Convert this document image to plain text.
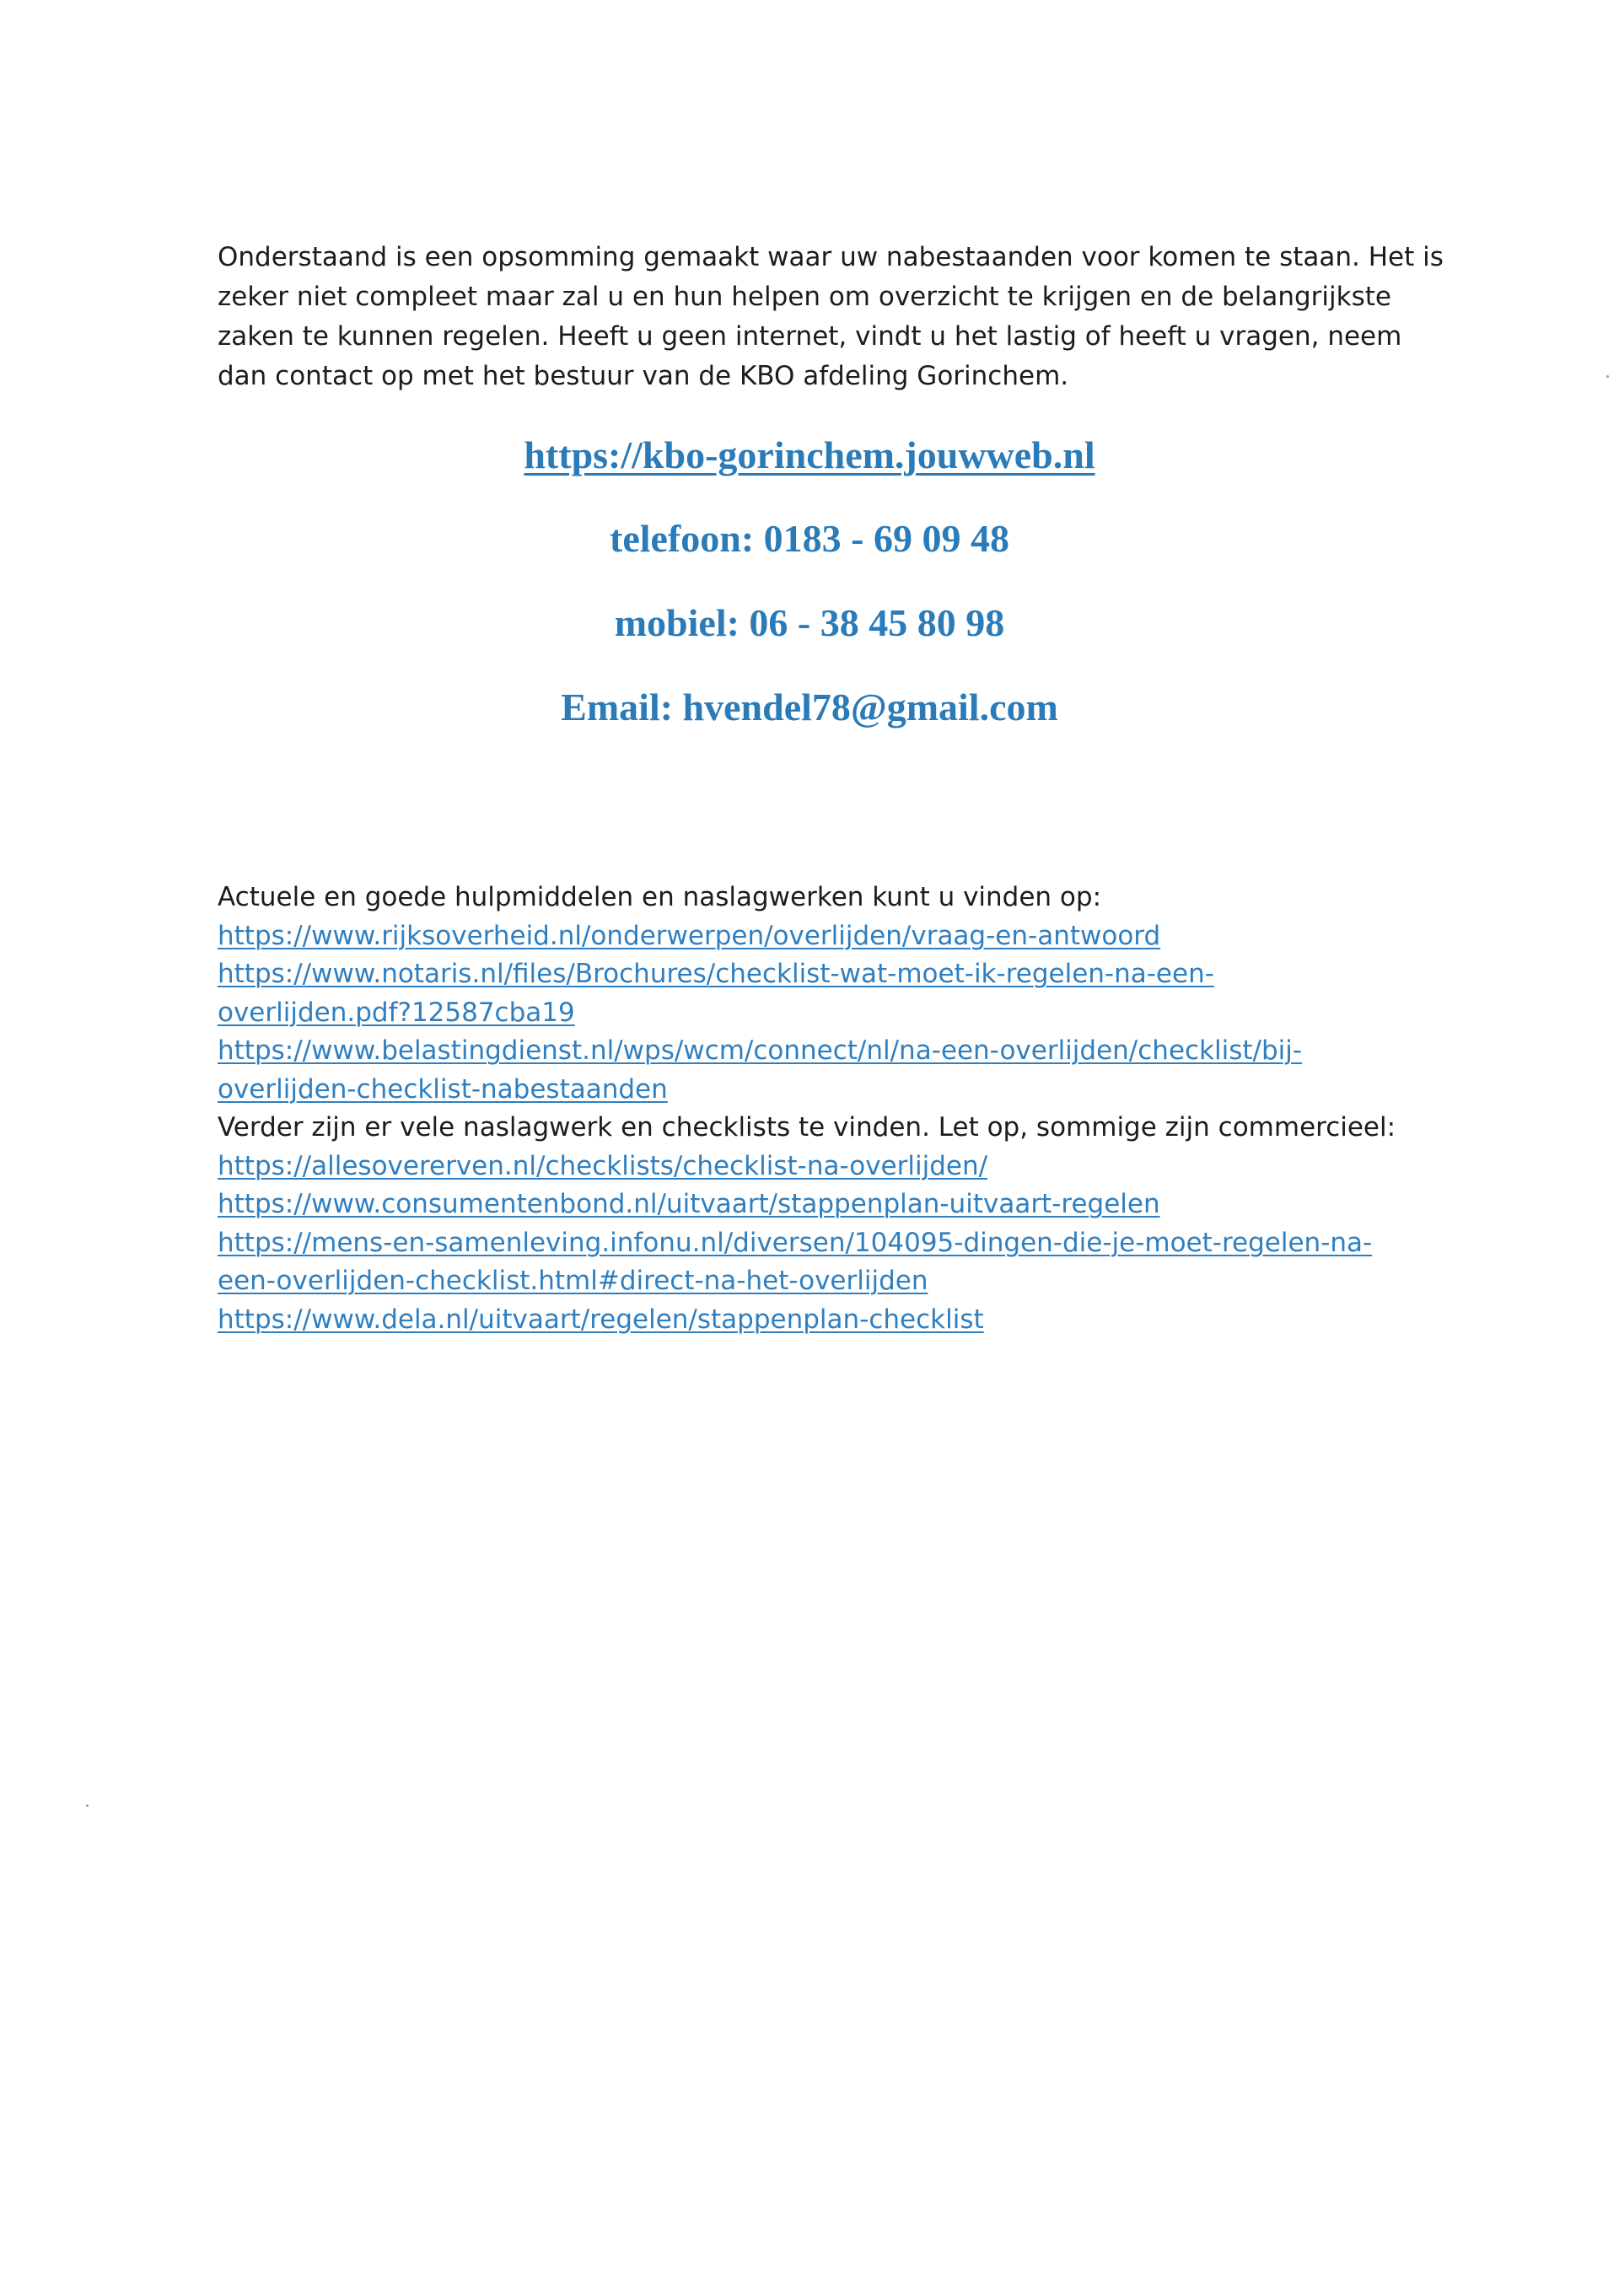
Onderstaand is een opsomming gemaakt waar uw nabestaanden voor komen te staan. Het is
zeker niet compleet maar zal u en hun helpen om overzicht te krijgen en de belangrijkste
zaken te kunnen regelen. Heeft u geen internet, vindt u het lastig of heeft u vragen, neem
dan contact op met het bestuur van de KBO afdeling Gorinchem.
https://kbo-gorinchem.jouwweb.nl
telefoon: 0183 - 69 09 48
mobiel: 06 - 38 45 80 98
Email: hvendel78@gmail.com
Actuele en goede hulpmiddelen en naslagwerken kunt u vinden op:
https://www.rijksoverheid.nl/onderwerpen/overlijden/vraag-en-antwoord
https://www.notaris.nl/files/Brochures/checklist-wat-moet-ik-regelen-na-een-
overlijden.pdf?12587cba19
https://www.belastingdienst.nl/wps/wcm/connect/nl/na-een-overlijden/checklist/bij-
overlijden-checklist-nabestaanden
Verder zijn er vele naslagwerk en checklists te vinden. Let op, sommige zijn commercieel:
https://allesovererven.nl/checklists/checklist-na-overlijden/
https://www.consumentenbond.nl/uitvaart/stappenplan-uitvaart-regelen
https://mens-en-samenleving.infonu.nl/diversen/104095-dingen-die-je-moet-regelen-na-
een-overlijden-checklist.html#direct-na-het-overlijden
https://www.dela.nl/uitvaart/regelen/stappenplan-checklist
